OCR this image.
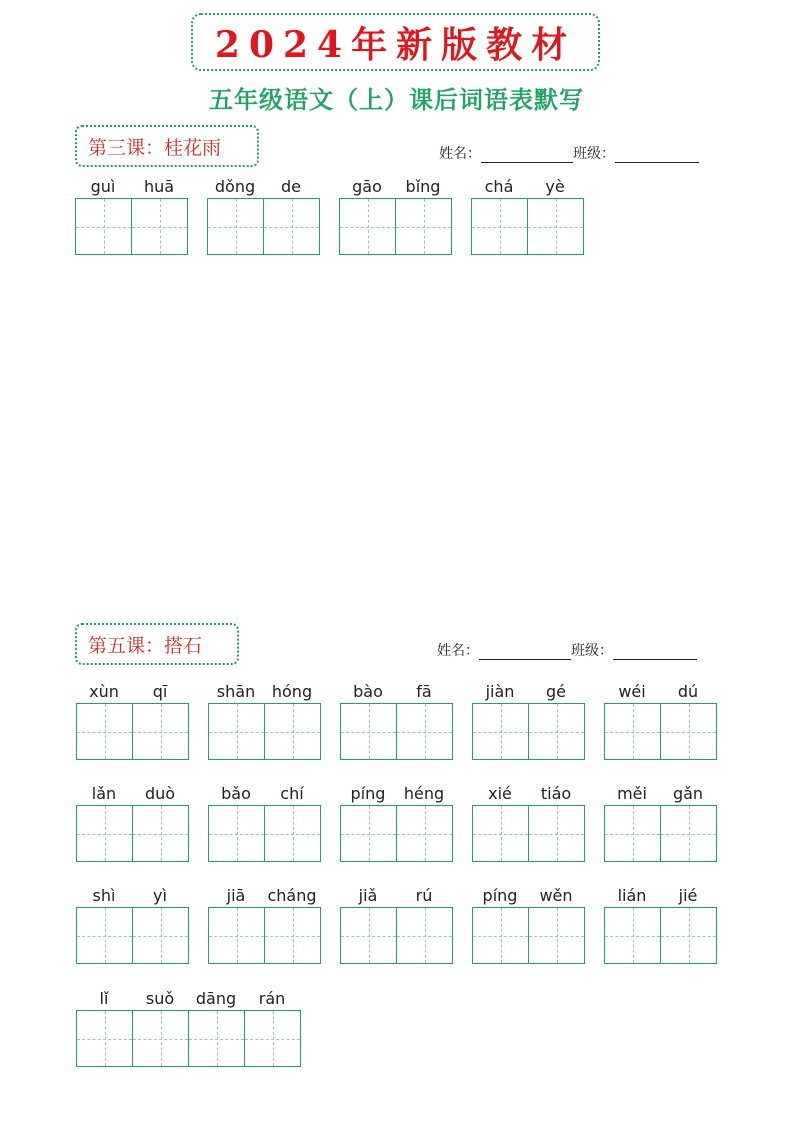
2024年新版教材
五年级语文（上）课后词语表默写
第三课：桂花雨	姓名：	班级：
guì	huā	dǒng	de	gāo	bǐng	chá	yè
第五课：搭石	姓名：	班级：
xùn	qī	shān	hóng	bào	fā	jiàn	gé	wéi	dú
lǎn	duò	bǎo	chí	píng	héng	xié	tiáo	měi	gǎn
shì	yì	jiā	cháng	jiǎ	rú	píng	wěn	lián	jié
lǐ	suǒ	dāng	rán
